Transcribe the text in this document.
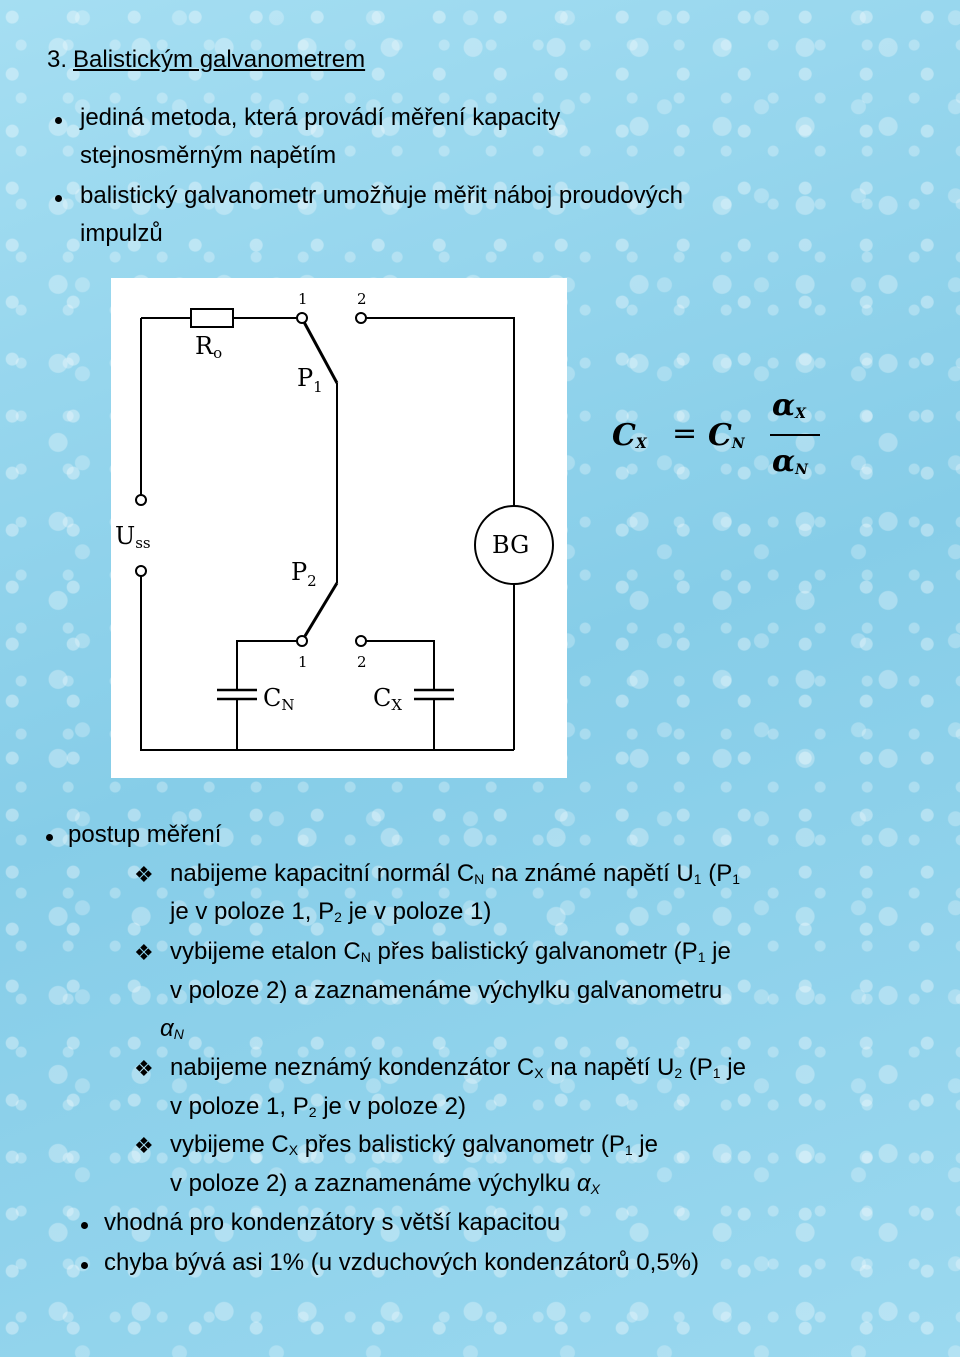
3. Balistickým galvanometrem
jediná metoda, která provádí měření kapacity
stejnosměrným napětím
balistický galvanometr umožňuje měřit náboj proudových
impulzů
Ro
$P_1$
$P_2$
Uss	BG
CN	CX
1	2
1	2
$C_X = C_N$
$\alpha_X$
$\alpha_N$
postup měření
❖ nabijeme kapacitní normál $C_N$ na známé napětí $U_1$ ($P_1$
je v poloze 1, $P_2$ je v poloze 1)
❖ vybijeme etalon $C_N$ přes balistický galvanometr ($P_1$ je
v poloze 2) a zaznamenáme výchylku galvanometru
$\alpha_N$
❖ nabijeme neznámý kondenzátor $C_X$ na napětí $U_2$ ($P_1$ je
v poloze 1, $P_2$ je v poloze 2)
❖ vybijeme $C_X$ přes balistický galvanometr ($P_1$ je
v poloze 2) a zaznamenáme výchylku $\alpha_X$
vhodná pro kondenzátory s větší kapacitou
chyba bývá asi 1% (u vzduchových kondenzátorů 0,5%)
